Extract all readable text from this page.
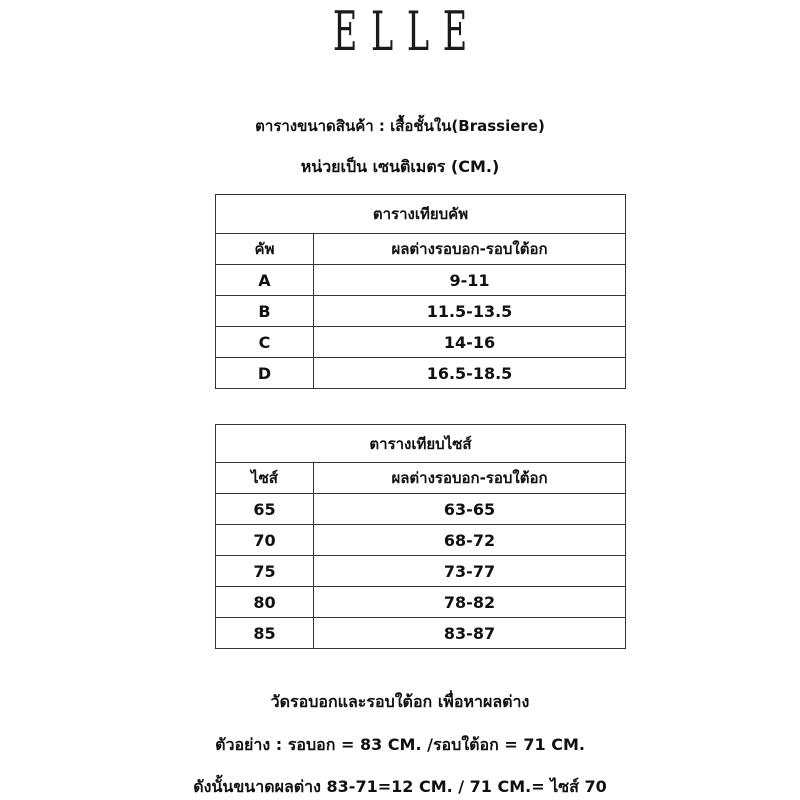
ELLE
ตารางขนาดสินค้า : เสื้อชั้นใน(Brassiere)
หน่วยเป็น เซนติเมตร (CM.)
ตารางเทียบคัพ	
คัพ	ผลต่างรอบอก-รอบใต้อก
A	9-11
B	11.5-13.5
C	14-16
D	16.5-18.5
ตารางเทียบไซส์	
ไซส์	ผลต่างรอบอก-รอบใต้อก
65	63-65
70	68-72
75	73-77
80	78-82
85	83-87
วัดรอบอกและรอบใต้อก เพื่อหาผลต่าง
ตัวอย่าง : รอบอก = 83 CM. /รอบใต้อก = 71 CM.
ดังนั้นขนาดผลต่าง 83-71=12 CM. / 71 CM.= ไซส์ 70
